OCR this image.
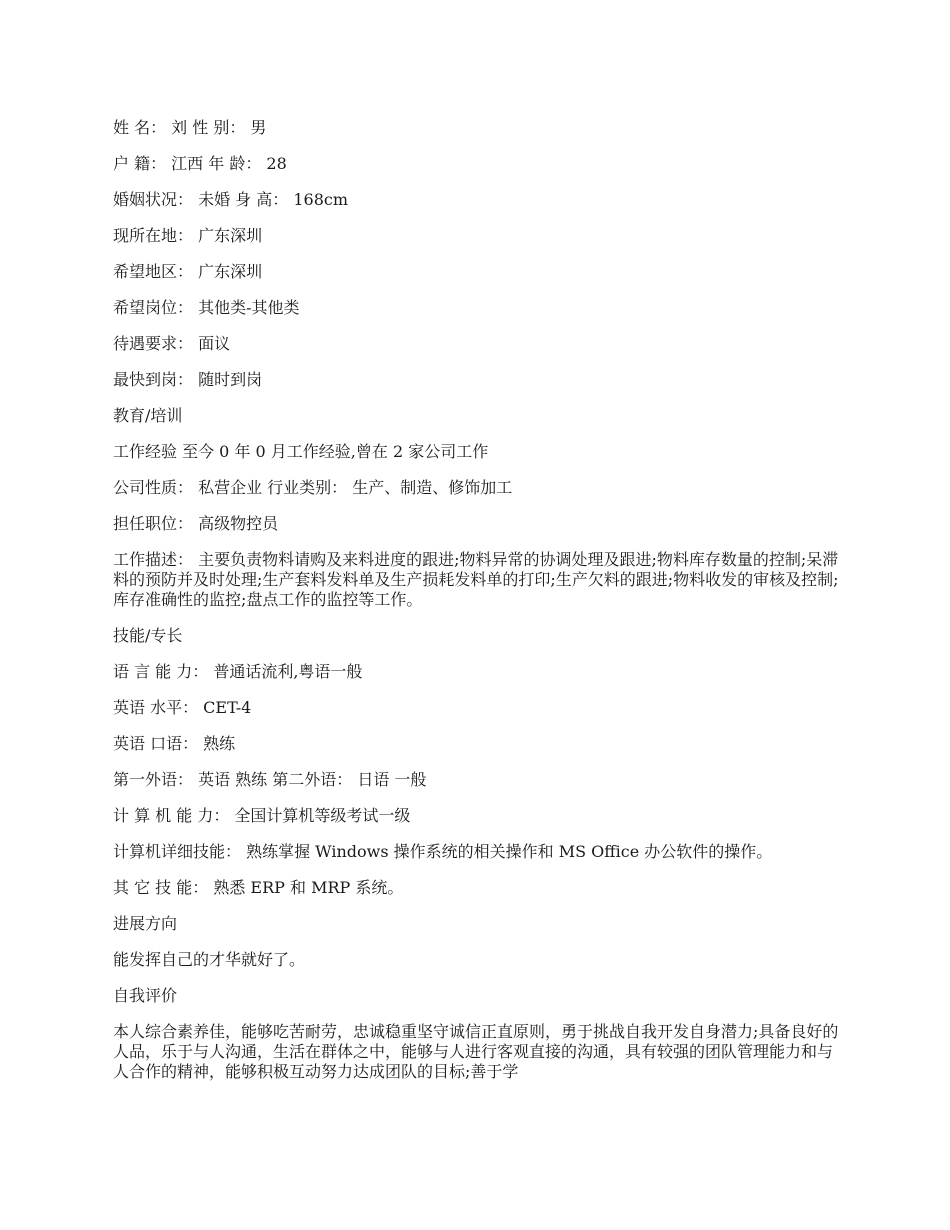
姓 名： 刘 性 别： 男

户 籍： 江西 年 龄： 28

婚姻状况： 未婚 身 高： 168cm

现所在地： 广东深圳

希望地区： 广东深圳

希望岗位： 其他类-其他类

待遇要求： 面议

最快到岗： 随时到岗

教育/培训

工作经验 至今 0 年 0 月工作经验,曾在 2 家公司工作

公司性质： 私营企业 行业类别： 生产、制造、修饰加工

担任职位： 高级物控员

工作描述： 主要负责物料请购及来料进度的跟进;物料异常的协调处理及跟进;物料库存数量的控制;呆滞料的预防并及时处理;生产套料发料单及生产损耗发料单的打印;生产欠料的跟进;物料收发的审核及控制;库存准确性的监控;盘点工作的监控等工作。

技能/专长

语 言 能 力： 普通话流利,粤语一般

英语 水平： CET-4

英语 口语： 熟练

第一外语： 英语 熟练 第二外语： 日语 一般

计 算 机 能 力： 全国计算机等级考试一级

计算机详细技能： 熟练掌握 Windows 操作系统的相关操作和 MS Office 办公软件的操作。

其 它 技 能： 熟悉 ERP 和 MRP 系统。

进展方向

能发挥自己的才华就好了。

自我评价

本人综合素养佳，能够吃苦耐劳，忠诚稳重坚守诚信正直原则，勇于挑战自我开发自身潜力;具备良好的人品，乐于与人沟通，生活在群体之中，能够与人进行客观直接的沟通，具有较强的团队管理能力和与人合作的精神，能够积极互动努力达成团队的目标;善于学
